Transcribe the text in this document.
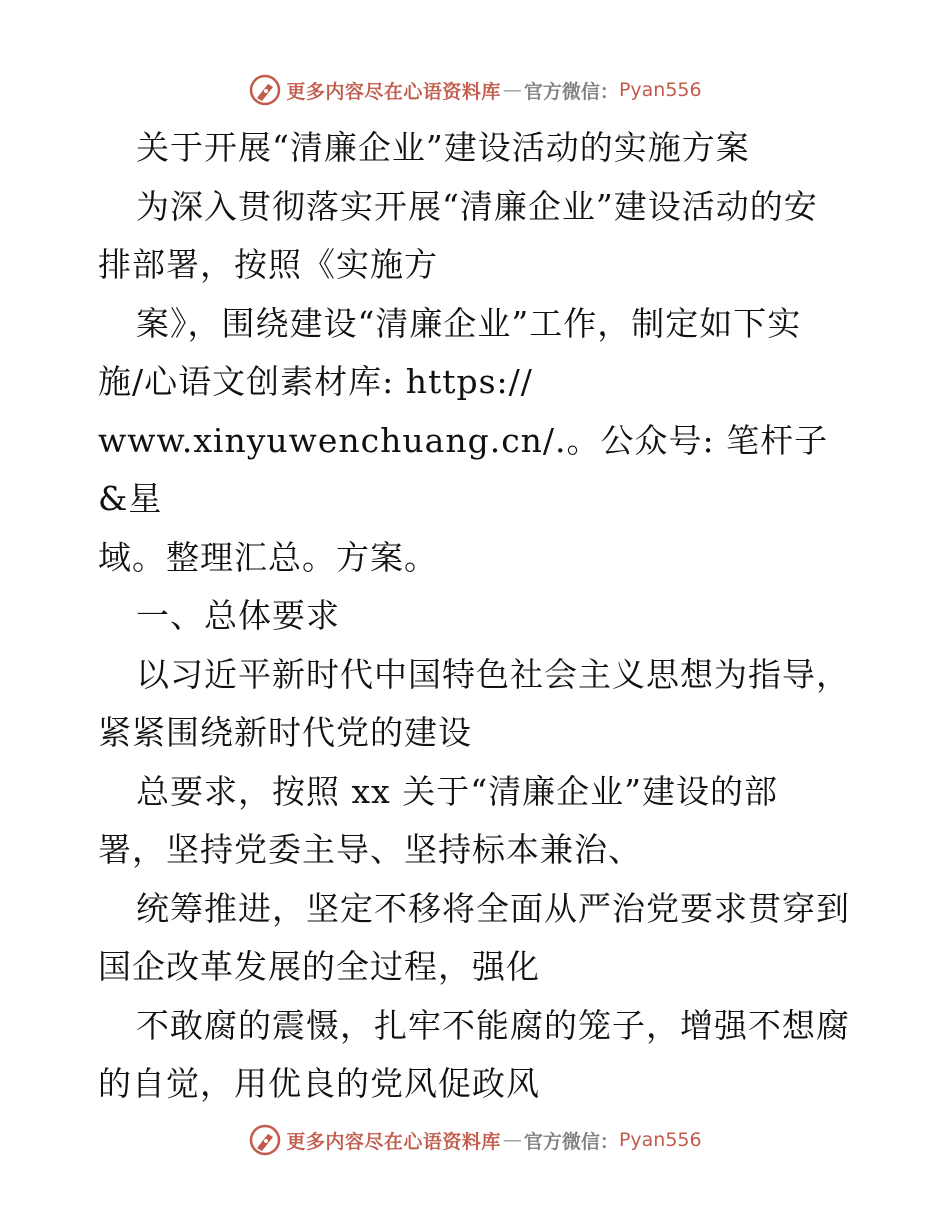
更多内容尽在心语资料库 — 官方微信： Pyan556

关于开展“清廉企业”建设活动的实施方案

为深入贯彻落实开展“清廉企业”建设活动的安

排部署，按照《实施方

案》，围绕建设“清廉企业”工作，制定如下实

施/心语文创素材库: https://

www.xinyuwenchuang.cn/.。公众号: 笔杆子&星

域。整理汇总。方案。

一、总体要求

以习近平新时代中国特色社会主义思想为指导，

紧紧围绕新时代党的建设

总要求，按照 xx 关于“清廉企业”建设的部

署，坚持党委主导、坚持标本兼治、

统筹推进，坚定不移将全面从严治党要求贯穿到

国企改革发展的全过程，强化

不敢腐的震慑，扎牢不能腐的笼子，增强不想腐

的自觉，用优良的党风促政风

更多内容尽在心语资料库 — 官方微信： Pyan556
